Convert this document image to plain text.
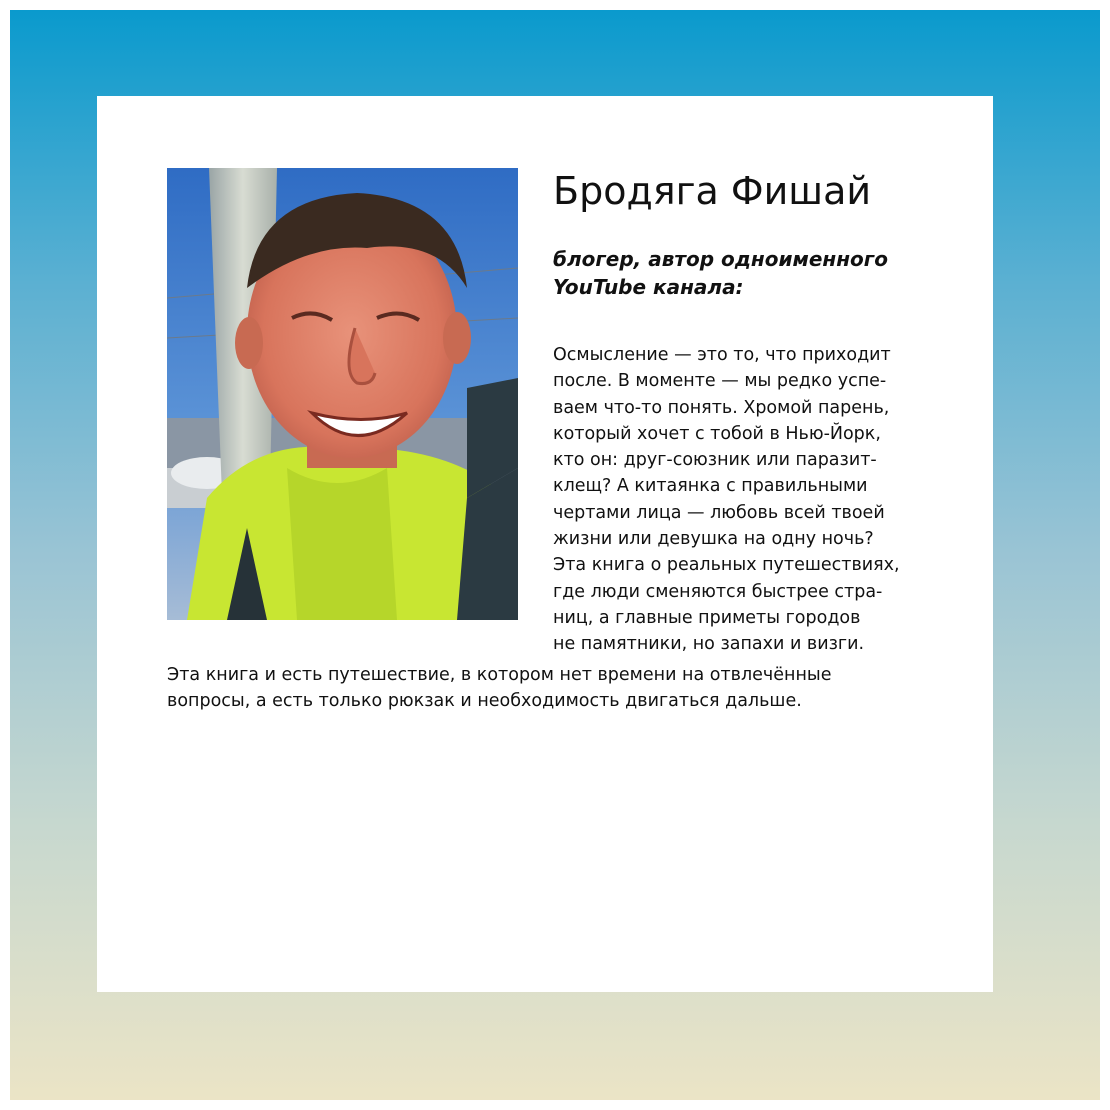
Бродяга Фишай

блогер, автор одноименного
YouTube канала:

Осмысление — это то, что приходит
после. В моменте — мы редко успе-
ваем что-то понять. Хромой парень,
который хочет с тобой в Нью-Йорк,
кто он: друг-союзник или паразит-
клещ? А китаянка с правильными
чертами лица — любовь всей твоей
жизни или девушка на одну ночь?
Эта книга о реальных путешествиях,
где люди сменяются быстрее стра-
ниц, а главные приметы городов
не памятники, но запахи и визги.

Эта книга и есть путешествие, в котором нет времени на отвлечённые
вопросы, а есть только рюкзак и необходимость двигаться дальше.
